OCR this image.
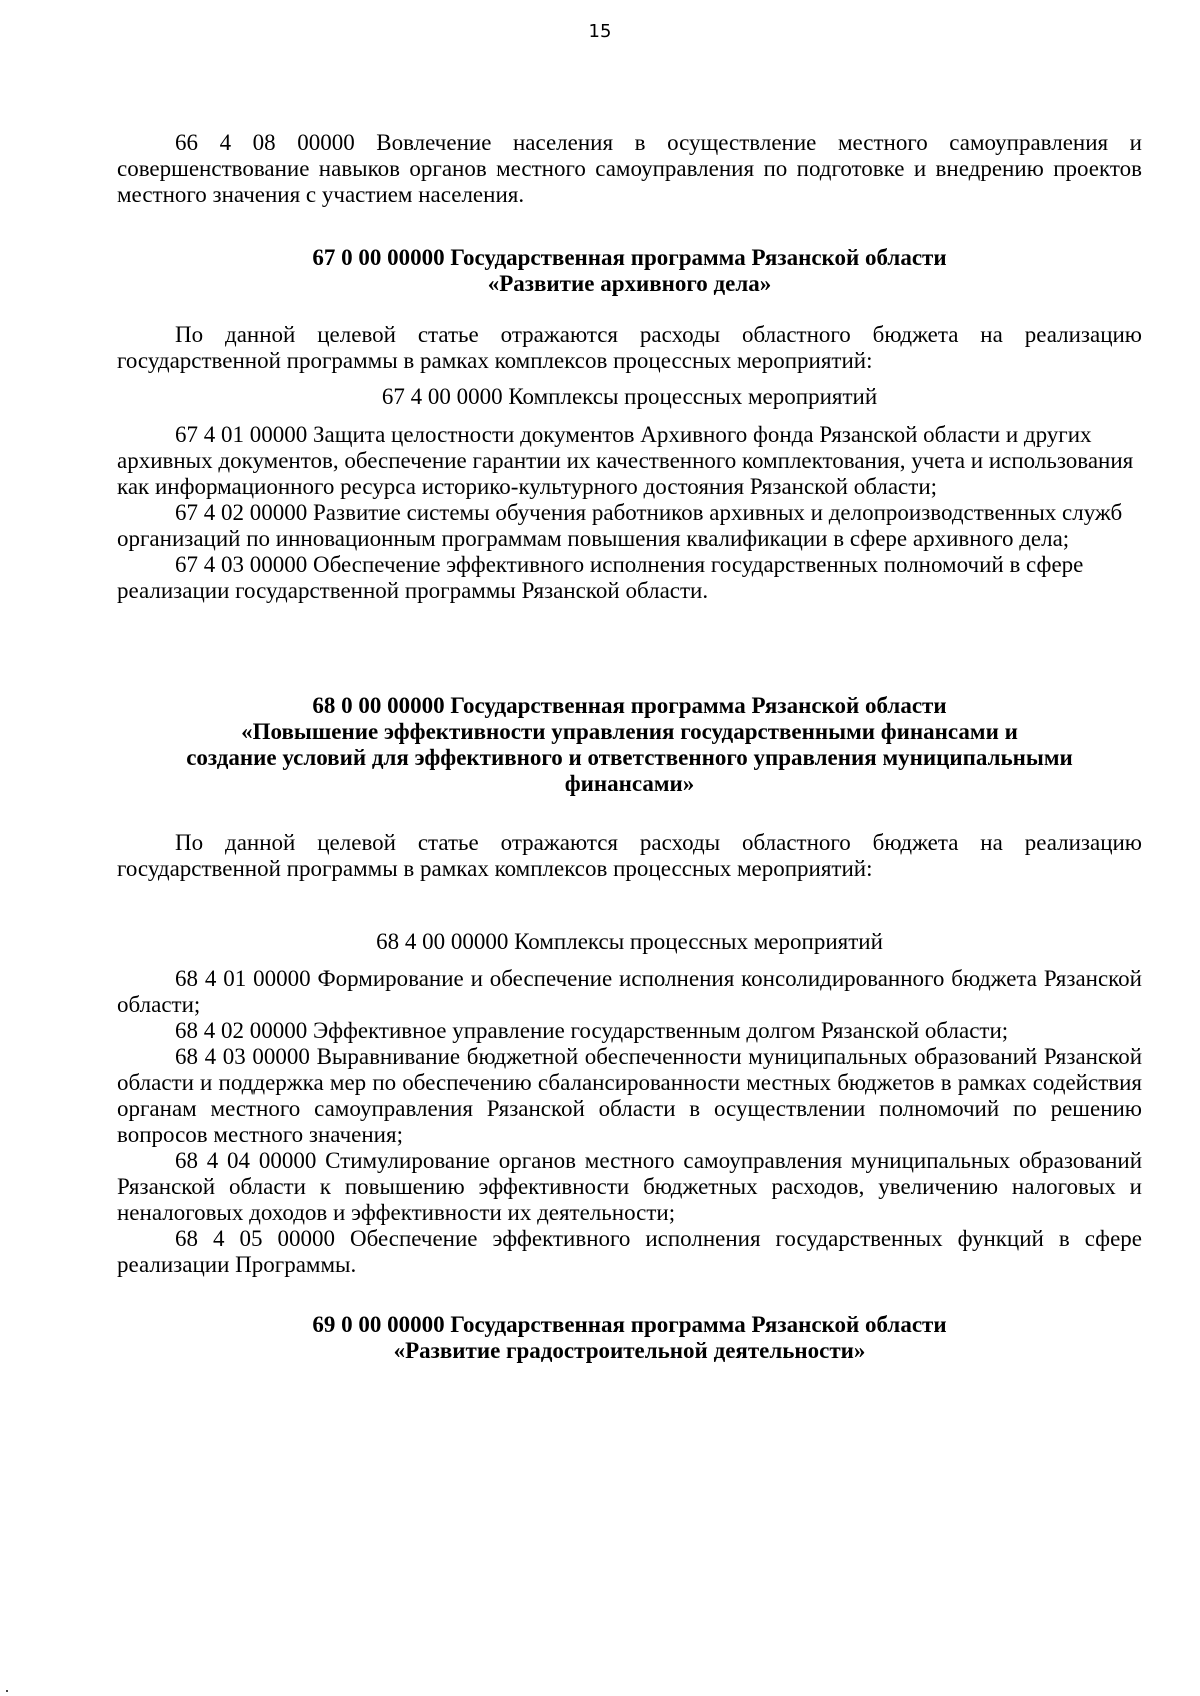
15

66 4 08 00000 Вовлечение населения в осуществление местного самоуправления и совершенствование навыков органов местного самоуправления по подготовке и внедрению проектов местного значения с участием населения.

67 0 00 00000 Государственная программа Рязанской области

«Развитие архивного дела»

По данной целевой статье отражаются расходы областного бюджета на реализацию государственной программы в рамках комплексов процессных мероприятий:

67 4 00 0000 Комплексы процессных мероприятий

67 4 01 00000 Защита целостности документов Архивного фонда Рязанской области и других архивных документов, обеспечение гарантии их качественного комплектования, учета и использования как информационного ресурса историко-культурного достояния Рязанской области;

67 4 02 00000 Развитие системы обучения работников архивных и делопроизводственных служб организаций по инновационным программам повышения квалификации в сфере архивного дела;

67 4 03 00000 Обеспечение эффективного исполнения государственных полномочий в сфере реализации государственной программы Рязанской области.

68 0 00 00000 Государственная программа Рязанской области

«Повышение эффективности управления государственными финансами и

создание условий для эффективного и ответственного управления муниципальными

финансами»

По данной целевой статье отражаются расходы областного бюджета на реализацию государственной программы в рамках комплексов процессных мероприятий:

68 4 00 00000 Комплексы процессных мероприятий

68 4 01 00000 Формирование и обеспечение исполнения консолидированного бюджета Рязанской области;

68 4 02 00000 Эффективное управление государственным долгом Рязанской области;

68 4 03 00000 Выравнивание бюджетной обеспеченности муниципальных образований Рязанской области и поддержка мер по обеспечению сбалансированности местных бюджетов в рамках содействия органам местного самоуправления Рязанской области в осуществлении полномочий по решению вопросов местного значения;

68 4 04 00000 Стимулирование органов местного самоуправления муниципальных образований Рязанской области к повышению эффективности бюджетных расходов, увеличению налоговых и неналоговых доходов и эффективности их деятельности;

68 4 05 00000 Обеспечение эффективного исполнения государственных функций в сфере реализации Программы.

69 0 00 00000 Государственная программа Рязанской области

«Развитие градостроительной деятельности»
